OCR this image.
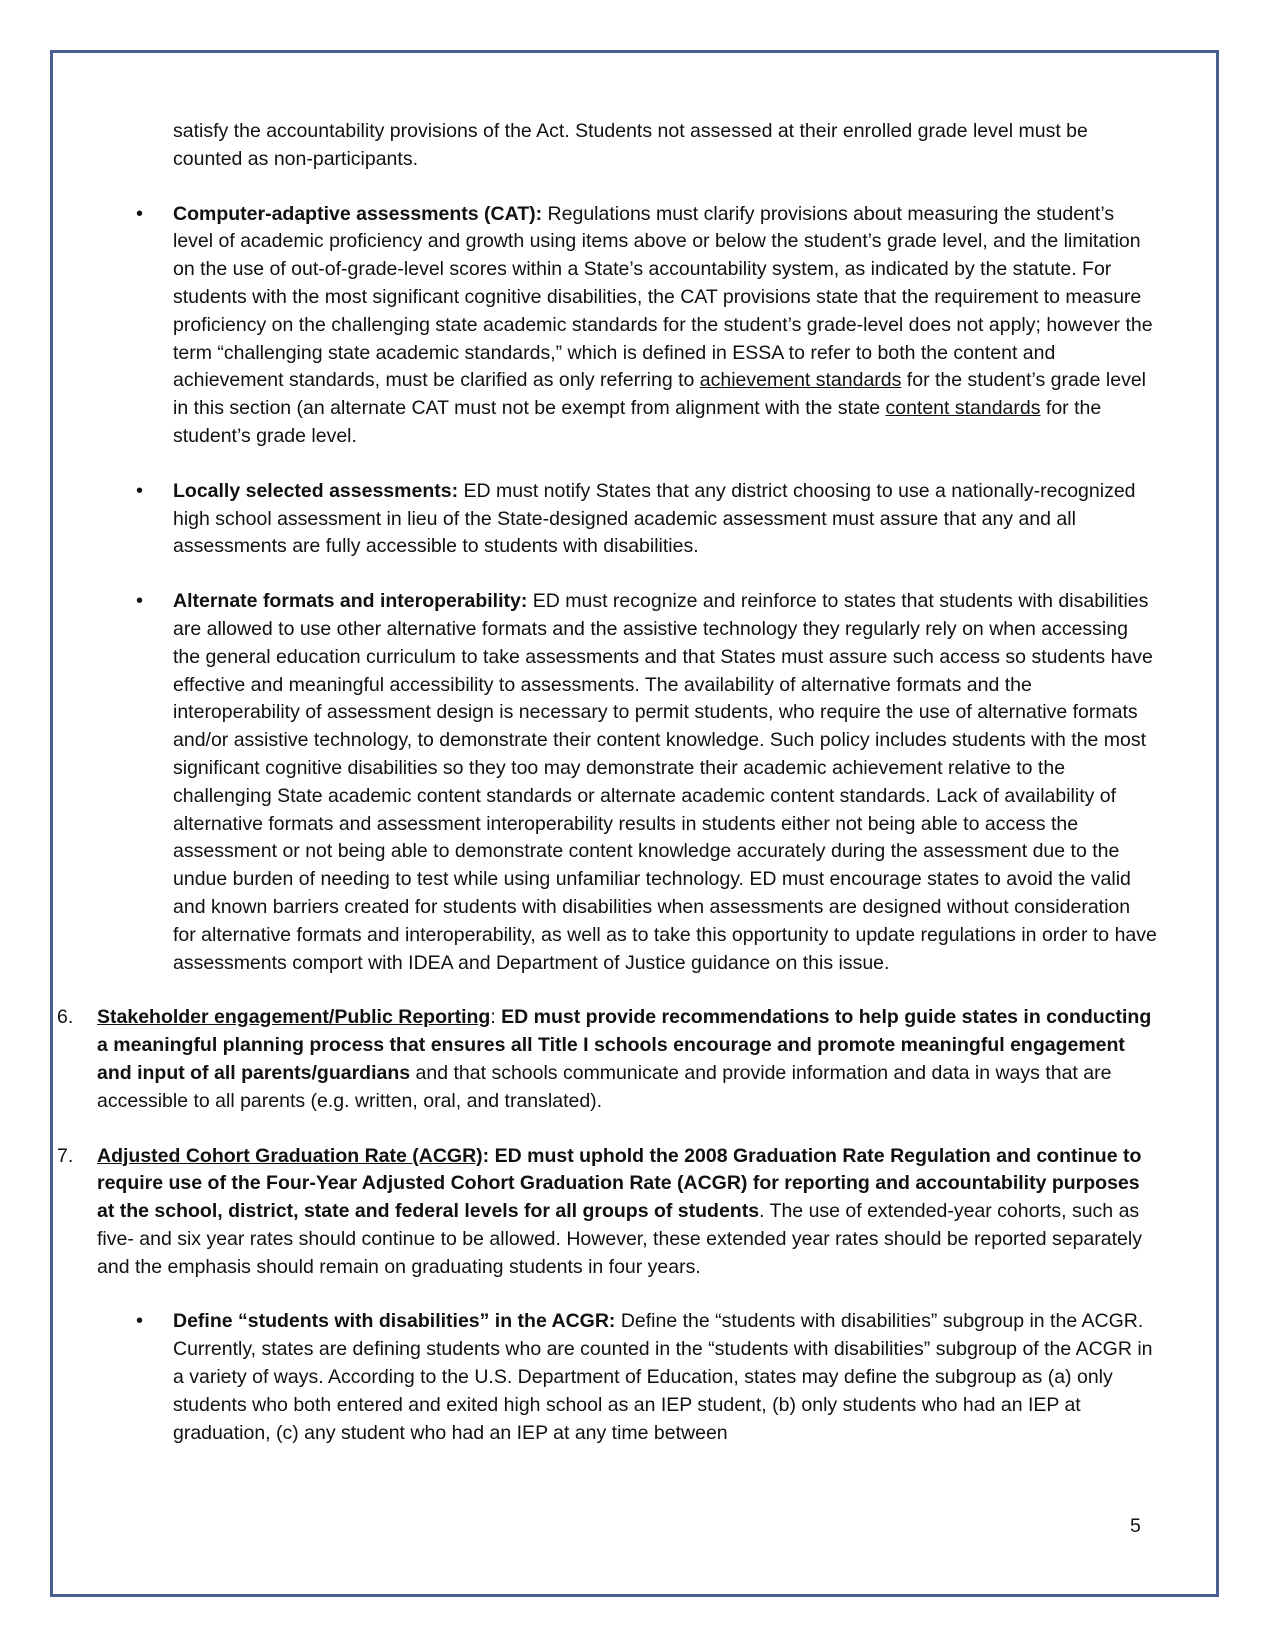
satisfy the accountability provisions of the Act. Students not assessed at their enrolled grade level must be counted as non-participants.

• Computer-adaptive assessments (CAT): Regulations must clarify provisions about measuring the student’s level of academic proficiency and growth using items above or below the student’s grade level, and the limitation on the use of out-of-grade-level scores within a State’s accountability system, as indicated by the statute. For students with the most significant cognitive disabilities, the CAT provisions state that the requirement to measure proficiency on the challenging state academic standards for the student’s grade-level does not apply; however the term “challenging state academic standards,” which is defined in ESSA to refer to both the content and achievement standards, must be clarified as only referring to achievement standards for the student’s grade level in this section (an alternate CAT must not be exempt from alignment with the state content standards for the student’s grade level.

• Locally selected assessments: ED must notify States that any district choosing to use a nationally-recognized high school assessment in lieu of the State-designed academic assessment must assure that any and all assessments are fully accessible to students with disabilities.

• Alternate formats and interoperability: ED must recognize and reinforce to states that students with disabilities are allowed to use other alternative formats and the assistive technology they regularly rely on when accessing the general education curriculum to take assessments and that States must assure such access so students have effective and meaningful accessibility to assessments. The availability of alternative formats and the interoperability of assessment design is necessary to permit students, who require the use of alternative formats and/or assistive technology, to demonstrate their content knowledge. Such policy includes students with the most significant cognitive disabilities so they too may demonstrate their academic achievement relative to the challenging State academic content standards or alternate academic content standards. Lack of availability of alternative formats and assessment interoperability results in students either not being able to access the assessment or not being able to demonstrate content knowledge accurately during the assessment due to the undue burden of needing to test while using unfamiliar technology. ED must encourage states to avoid the valid and known barriers created for students with disabilities when assessments are designed without consideration for alternative formats and interoperability, as well as to take this opportunity to update regulations in order to have assessments comport with IDEA and Department of Justice guidance on this issue.

6. Stakeholder engagement/Public Reporting: ED must provide recommendations to help guide states in conducting a meaningful planning process that ensures all Title I schools encourage and promote meaningful engagement and input of all parents/guardians and that schools communicate and provide information and data in ways that are accessible to all parents (e.g. written, oral, and translated).

7. Adjusted Cohort Graduation Rate (ACGR): ED must uphold the 2008 Graduation Rate Regulation and continue to require use of the Four-Year Adjusted Cohort Graduation Rate (ACGR) for reporting and accountability purposes at the school, district, state and federal levels for all groups of students. The use of extended-year cohorts, such as five- and six year rates should continue to be allowed. However, these extended year rates should be reported separately and the emphasis should remain on graduating students in four years.

• Define “students with disabilities” in the ACGR: Define the “students with disabilities” subgroup in the ACGR. Currently, states are defining students who are counted in the “students with disabilities” subgroup of the ACGR in a variety of ways. According to the U.S. Department of Education, states may define the subgroup as (a) only students who both entered and exited high school as an IEP student, (b) only students who had an IEP at graduation, (c) any student who had an IEP at any time between

5
